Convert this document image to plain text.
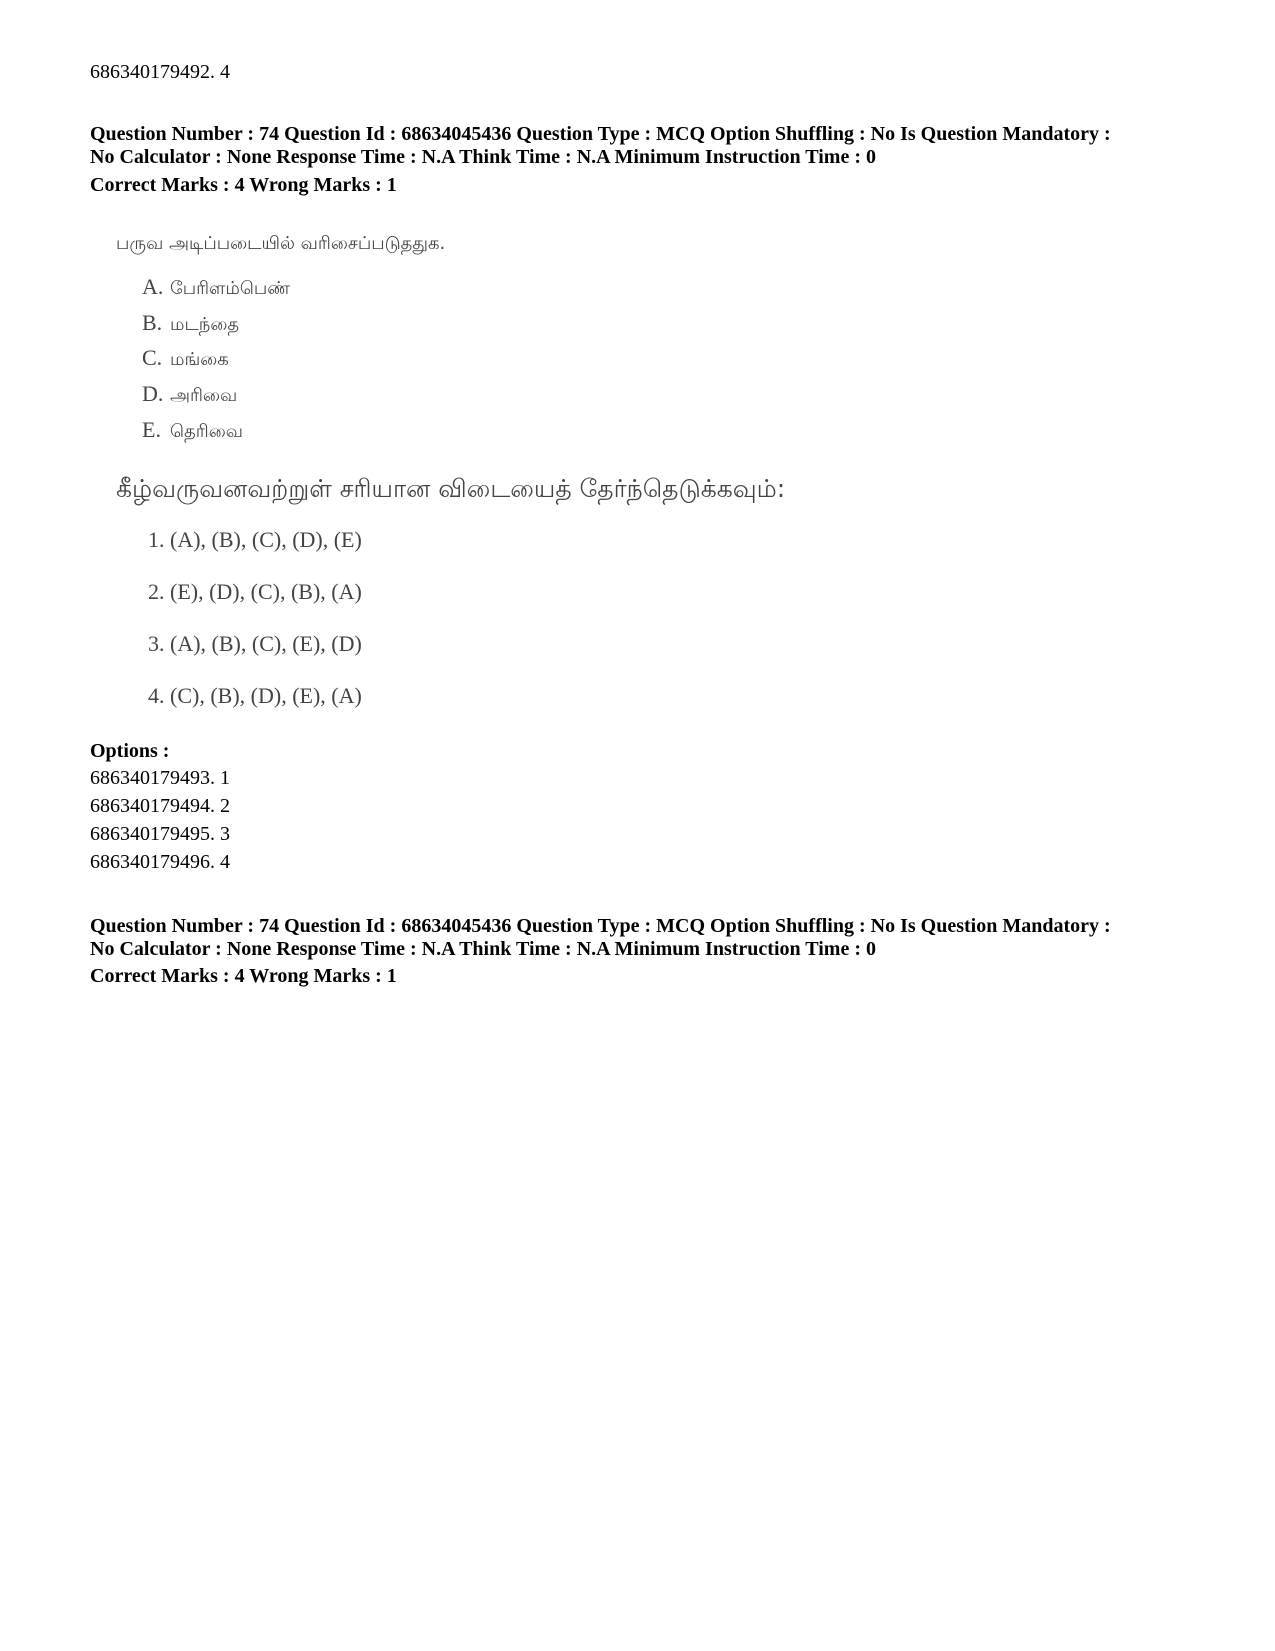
686340179492. 4
Question Number : 74 Question Id : 68634045436 Question Type : MCQ Option Shuffling : No Is Question Mandatory :
No Calculator : None Response Time : N.A Think Time : N.A Minimum Instruction Time : 0
Correct Marks : 4 Wrong Marks : 1
பருவ அடிப்படையில் வரிசைப்படுததுக.
A. பேரிளம்பெண்
B. மடந்தை
C. மங்கை
D. அரிவை
E. தெரிவை
கீழ்வருவனவற்றுள் சரியான விடையைத் தேர்ந்தெடுக்கவும்:
1. (A), (B), (C), (D), (E)
2. (E), (D), (C), (B), (A)
3. (A), (B), (C), (E), (D)
4. (C), (B), (D), (E), (A)
Options :
686340179493. 1
686340179494. 2
686340179495. 3
686340179496. 4
Question Number : 74 Question Id : 68634045436 Question Type : MCQ Option Shuffling : No Is Question Mandatory :
No Calculator : None Response Time : N.A Think Time : N.A Minimum Instruction Time : 0
Correct Marks : 4 Wrong Marks : 1
